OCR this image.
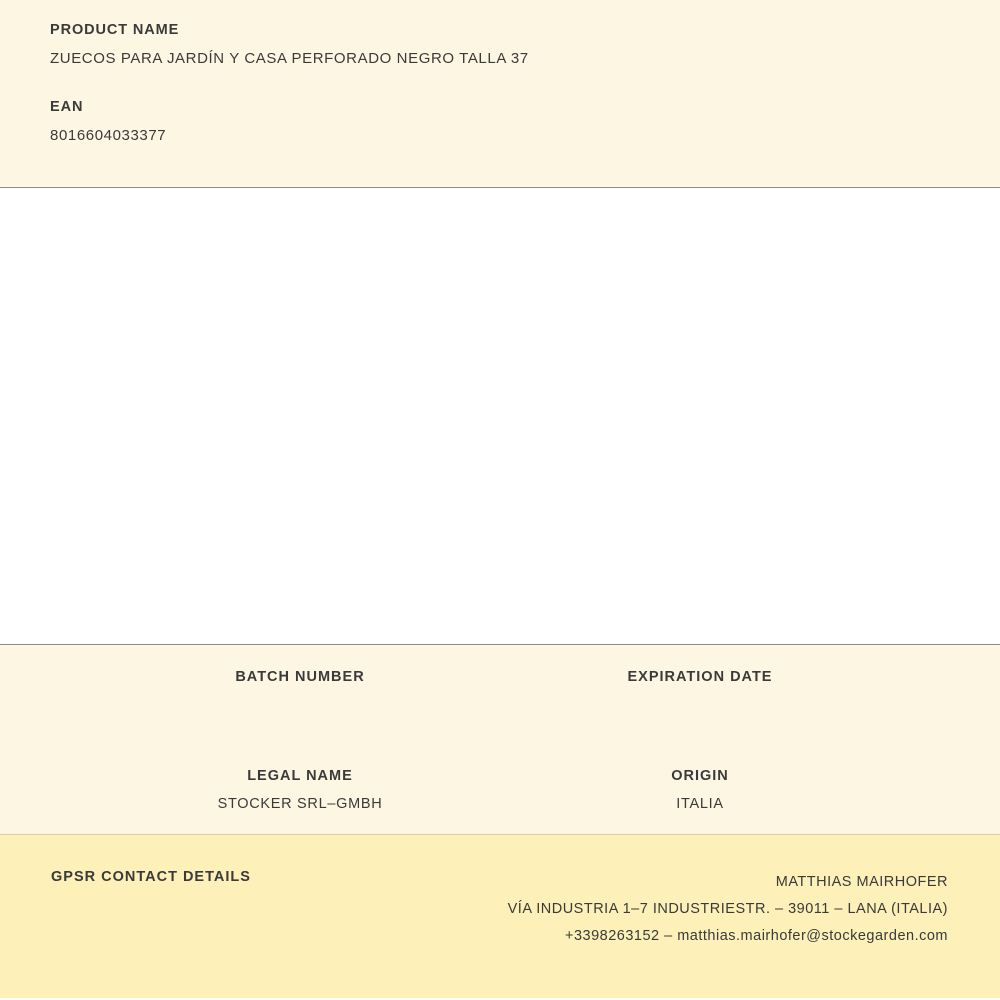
PRODUCT NAME
ZUECOS PARA JARDÍN Y CASA PERFORADO NEGRO TALLA 37
EAN
8016604033377
BATCH NUMBER	EXPIRATION DATE
LEGAL NAME
STOCKER SRL–GMBH
ORIGIN
ITALIA
GPSR CONTACT DETAILS	MATTHIAS MAIRHOFER
VÍA INDUSTRIA 1–7 INDUSTRIESTR. – 39011 – LANA (ITALIA)
+3398263152 – matthias.mairhofer@stockegarden.com
